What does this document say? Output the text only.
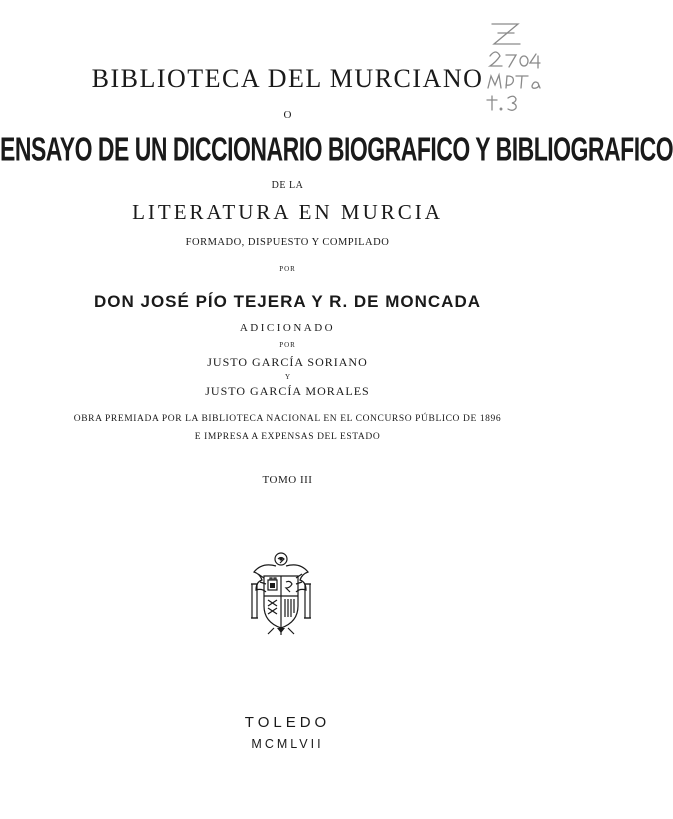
BIBLIOTECA DEL MURCIANO
O
ENSAYO DE UN DICCIONARIO BIOGRAFICO Y BIBLIOGRAFICO
DE LA
LITERATURA EN MURCIA
FORMADO, DISPUESTO Y COMPILADO
POR
DON JOSÉ PÍO TEJERA Y R. DE MONCADA
ADICIONADO
POR
JUSTO GARCÍA SORIANO
Y
JUSTO GARCÍA MORALES
OBRA PREMIADA POR LA BIBLIOTECA NACIONAL EN EL CONCURSO PÚBLICO DE 1896
E IMPRESA A EXPENSAS DEL ESTADO
TOMO III
TOLEDO
MCMLVII
